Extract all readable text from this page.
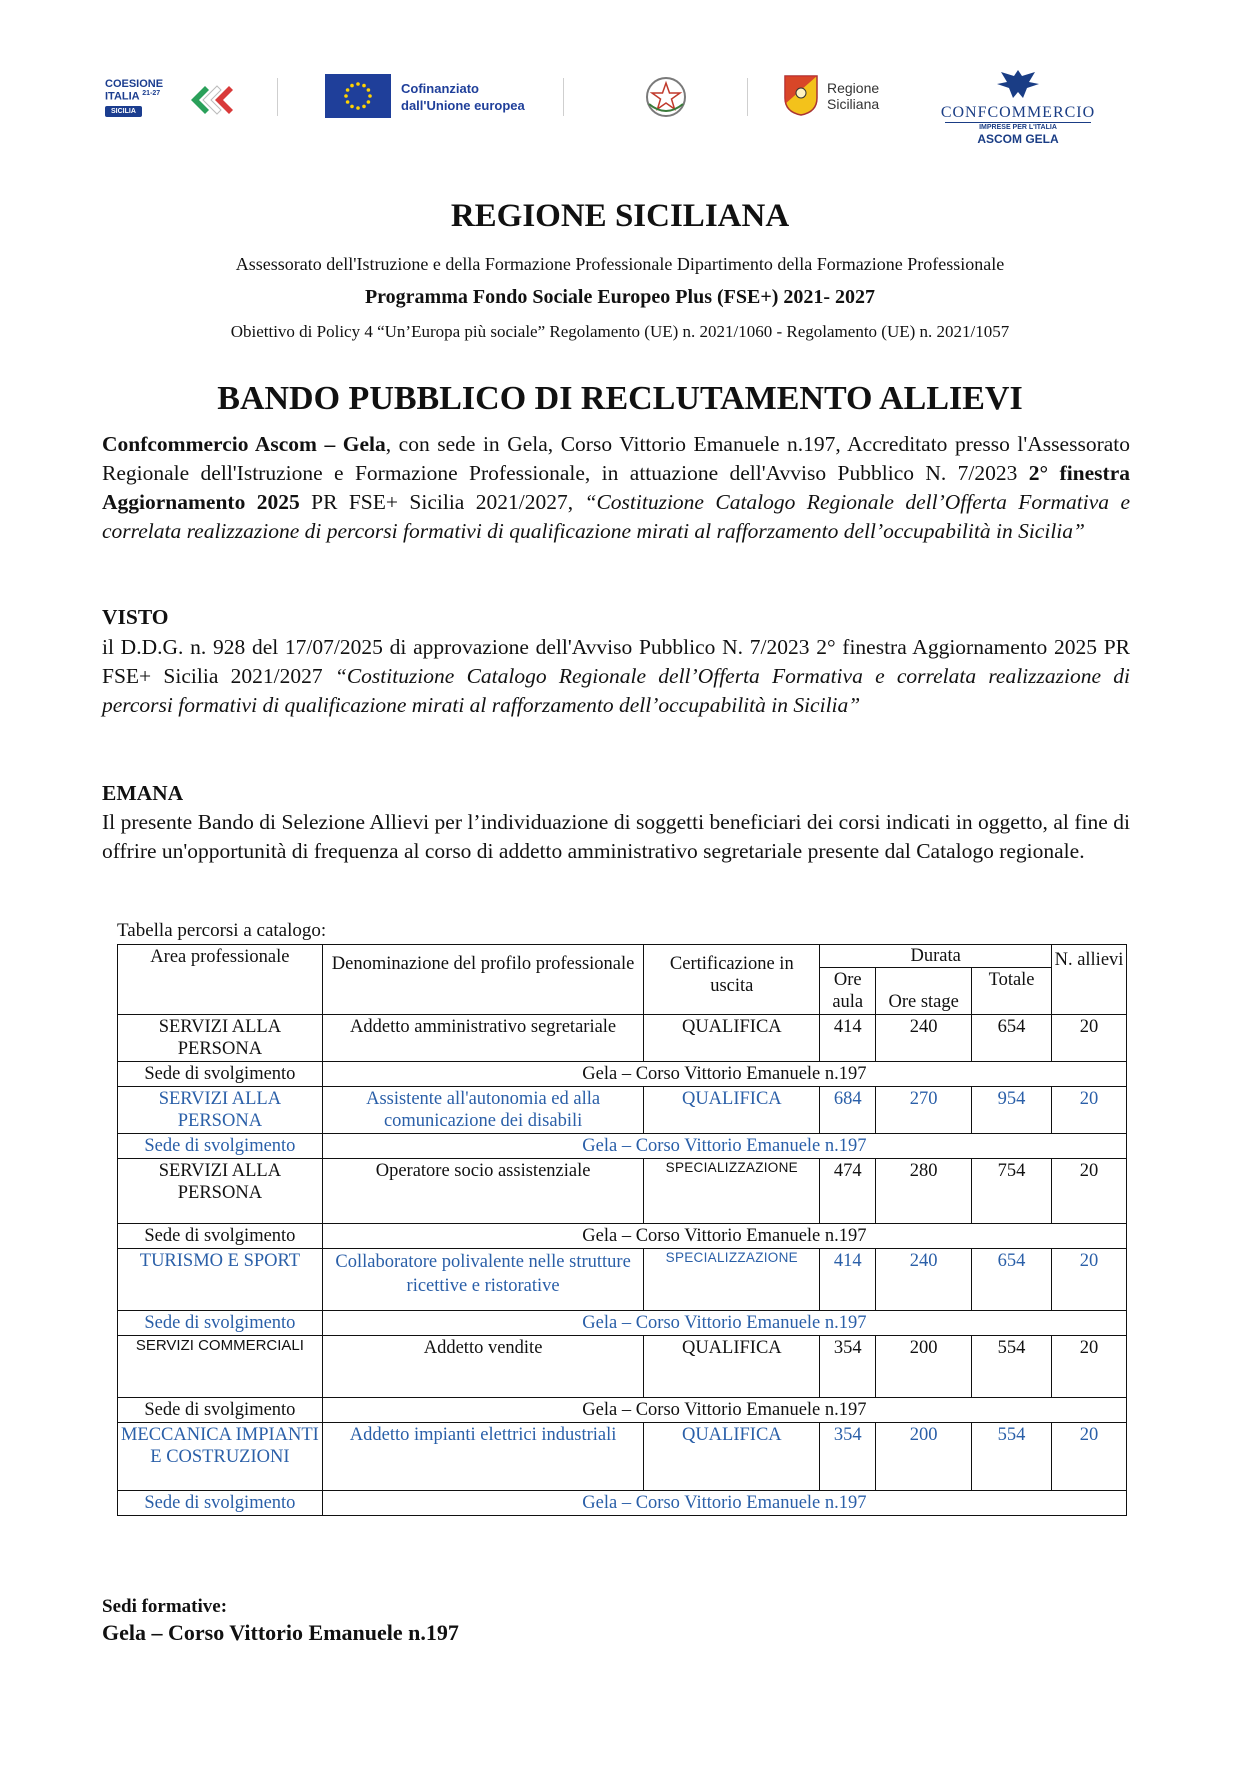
COESIONE
ITALIA $^{21-27}$
SICILIA
Cofinanziato
dall'Unione europea
Regione
Siciliana	CONFCOMMERCIO
IMPRESE PER L'ITALIA
ASCOM GELA
REGIONE SICILIANA
Assessorato dell'Istruzione e della Formazione Professionale Dipartimento della Formazione Professionale
Programma Fondo Sociale Europeo Plus (FSE+) 2021- 2027
Obiettivo di Policy 4 “Un’Europa più sociale” Regolamento (UE) n. 2021/1060 - Regolamento (UE) n. 2021/1057
BANDO PUBBLICO DI RECLUTAMENTO ALLIEVI
Confcommercio Ascom – Gela, con sede in Gela, Corso Vittorio Emanuele n.197, Accreditato presso l'Assessorato Regionale dell'Istruzione e Formazione Professionale, in attuazione dell'Avviso Pubblico N. 7/2023 2° finestra Aggiornamento 2025 PR FSE+ Sicilia 2021/2027, “Costituzione Catalogo Regionale dell’Offerta Formativa e correlata realizzazione di percorsi formativi di qualificazione mirati al rafforzamento dell’occupabilità in Sicilia”
VISTO
il D.D.G. n. 928 del 17/07/2025 di approvazione dell'Avviso Pubblico N. 7/2023 2° finestra Aggiornamento 2025 PR FSE+ Sicilia 2021/2027 “Costituzione Catalogo Regionale dell’Offerta Formativa e correlata realizzazione di percorsi formativi di qualificazione mirati al rafforzamento dell’occupabilità in Sicilia”
EMANA
Il presente Bando di Selezione Allievi per l’individuazione di soggetti beneficiari dei corsi indicati in oggetto, al fine di offrire un'opportunità di frequenza al corso di addetto amministrativo segretariale presente dal Catalogo regionale.
Tabella percorsi a catalogo:
Area professionale	Denominazione del profilo professionale	Certificazione in uscita	Durata			N. allievi
			Ore aula	Ore stage	Totale	
SERVIZI ALLA PERSONA	Addetto amministrativo segretariale	QUALIFICA	414	240	654	20
Sede di svolgimento	Gela – Corso Vittorio Emanuele n.197					
SERVIZI ALLA PERSONA	Assistente all'autonomia ed alla comunicazione dei disabili	QUALIFICA	684	270	954	20
Sede di svolgimento	Gela – Corso Vittorio Emanuele n.197					
SERVIZI ALLA PERSONA	Operatore socio assistenziale	SPECIALIZZAZIONE	474	280	754	20
Sede di svolgimento	Gela – Corso Vittorio Emanuele n.197					
TURISMO E SPORT	Collaboratore polivalente nelle strutture ricettive e ristorative	SPECIALIZZAZIONE	414	240	654	20
Sede di svolgimento	Gela – Corso Vittorio Emanuele n.197					
SERVIZI COMMERCIALI	Addetto vendite	QUALIFICA	354	200	554	20
Sede di svolgimento	Gela – Corso Vittorio Emanuele n.197					
MECCANICA IMPIANTI E COSTRUZIONI	Addetto impianti elettrici industriali	QUALIFICA	354	200	554	20
Sede di svolgimento	Gela – Corso Vittorio Emanuele n.197					
Sedi formative:
Gela – Corso Vittorio Emanuele n.197
